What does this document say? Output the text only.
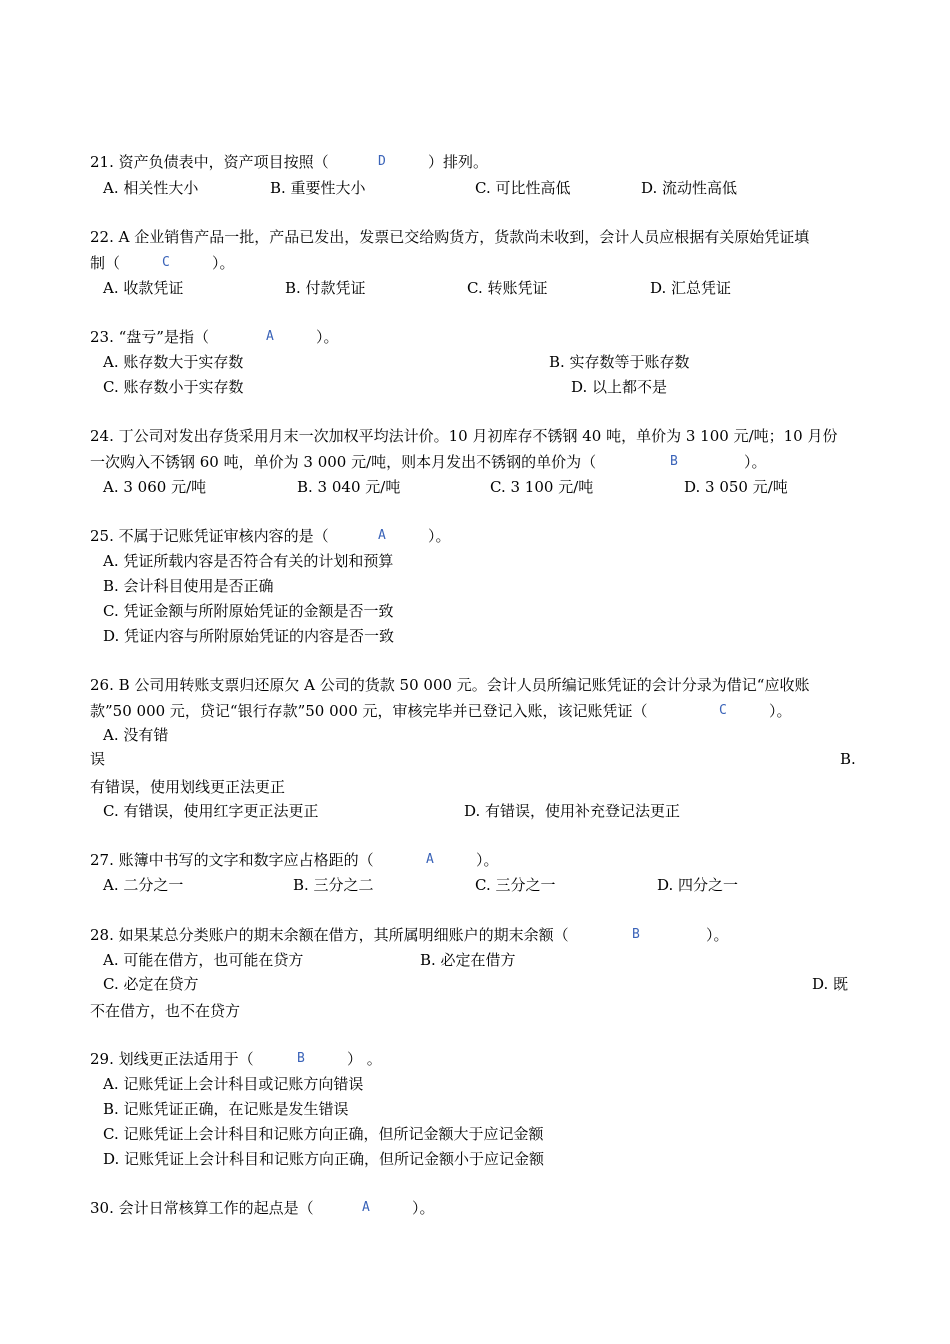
21. 资产负债表中，资产项目按照（	D	）排列。
A. 相关性大小	B. 重要性大小	C. 可比性高低	D. 流动性高低
22. A 企业销售产品一批，产品已发出，发票已交给购货方，货款尚未收到，会计人员应根据有关原始凭证填
制（	C	）。
A. 收款凭证	B. 付款凭证	C. 转账凭证	D. 汇总凭证
23. “盘亏”是指（	A	）。
A. 账存数大于实存数	B. 实存数等于账存数
C. 账存数小于实存数	D. 以上都不是
24. 丁公司对发出存货采用月末一次加权平均法计价。10 月初库存不锈钢 40 吨，单价为 3 100 元/吨；10 月份
一次购入不锈钢 60 吨，单价为 3 000 元/吨，则本月发出不锈钢的单价为（	B	）。
A. 3 060 元/吨	B. 3 040 元/吨	C. 3 100 元/吨	D. 3 050 元/吨
25. 不属于记账凭证审核内容的是（	A	）。
A. 凭证所载内容是否符合有关的计划和预算
B. 会计科目使用是否正确
C. 凭证金额与所附原始凭证的金额是否一致
D. 凭证内容与所附原始凭证的内容是否一致
26. B 公司用转账支票归还原欠 A 公司的货款 50 000 元。会计人员所编记账凭证的会计分录为借记“应收账
款”50 000 元，贷记“银行存款”50 000 元，审核完毕并已登记入账，该记账凭证（	C	）。
A. 没有错
误	B.
有错误，使用划线更正法更正
C. 有错误，使用红字更正法更正	D. 有错误，使用补充登记法更正
27. 账簿中书写的文字和数字应占格距的（	A	）。
A. 二分之一	B. 三分之二	C. 三分之一	D. 四分之一
28. 如果某总分类账户的期末余额在借方，其所属明细账户的期末余额（	B	）。
A. 可能在借方，也可能在贷方	B. 必定在借方
C. 必定在贷方	D. 既
不在借方，也不在贷方
29. 划线更正法适用于（	B	） 。
A. 记账凭证上会计科目或记账方向错误
B. 记账凭证正确，在记账是发生错误
C. 记账凭证上会计科目和记账方向正确，但所记金额大于应记金额
D. 记账凭证上会计科目和记账方向正确，但所记金额小于应记金额
30. 会计日常核算工作的起点是（	A	）。
